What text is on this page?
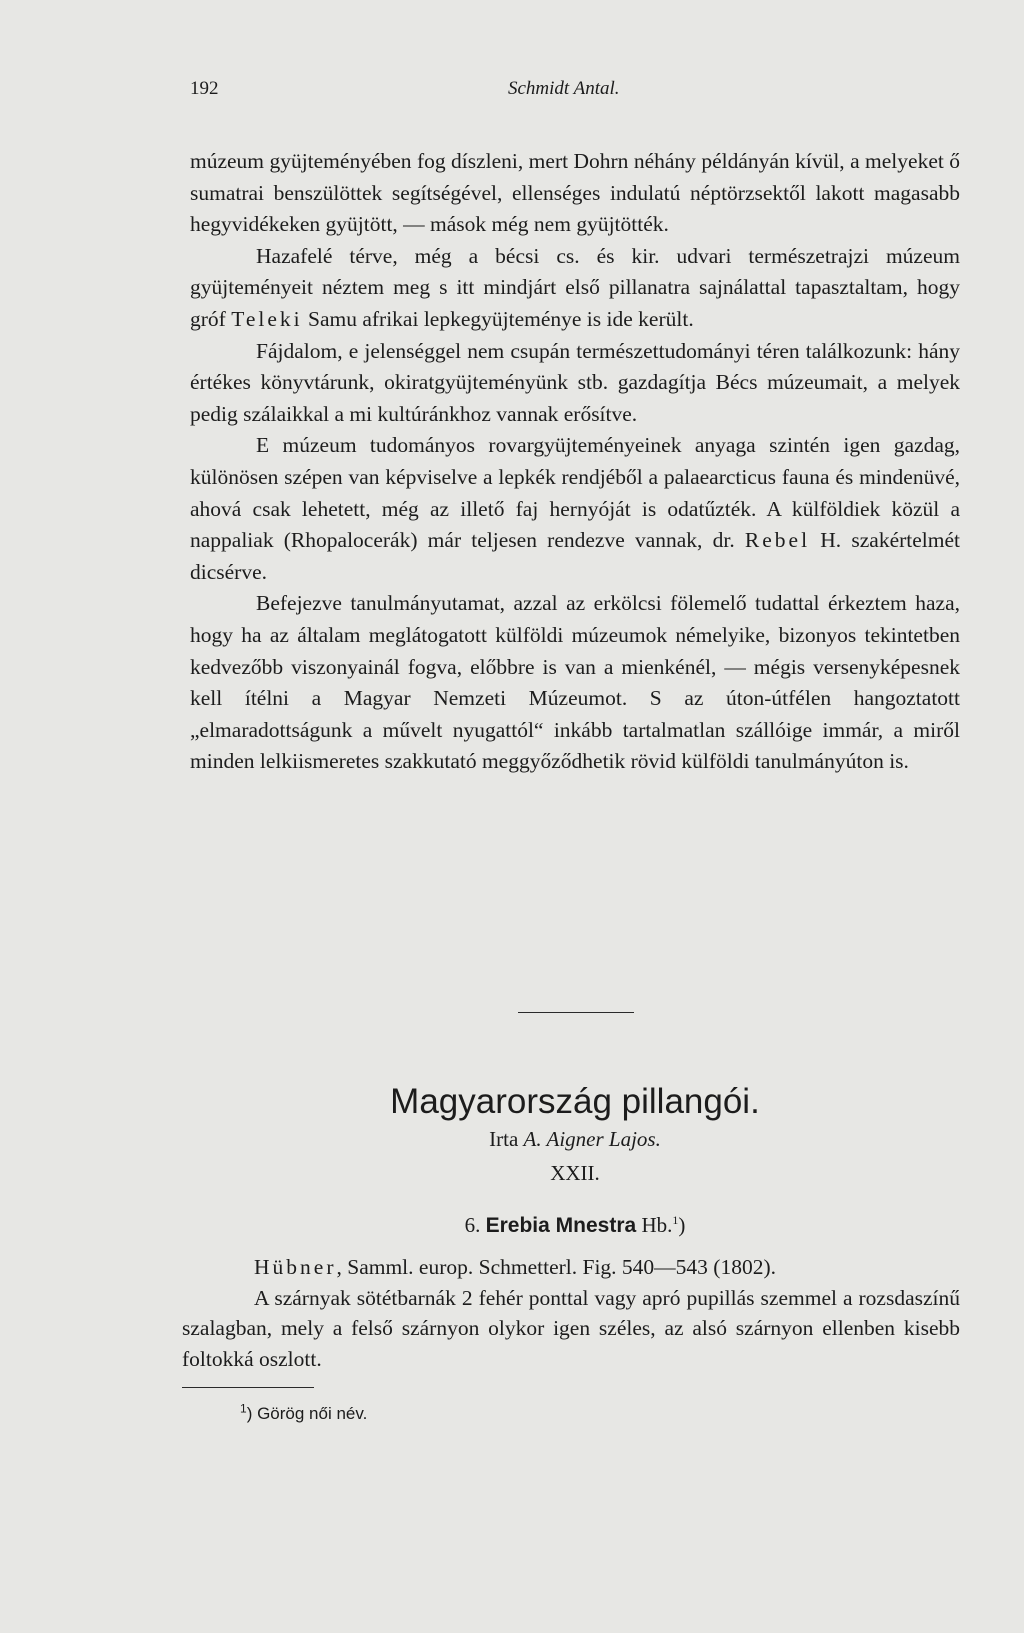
192	Schmidt Antal.

múzeum gyüjteményében fog díszleni, mert Dohrn néhány példányán kívül, a melyeket ő sumatrai benszülöttek segítségével, ellenséges indulatú néptörzsektől lakott magasabb hegyvidékeken gyüjtött, — mások még nem gyüjtötték.

Hazafelé térve, még a bécsi cs. és kir. udvari természetrajzi múzeum gyüjteményeit néztem meg s itt mindjárt első pillanatra sajnálattal tapasztaltam, hogy gróf Teleki Samu afrikai lepkegyüjteménye is ide került.

Fájdalom, e jelenséggel nem csupán természettudományi téren találkozunk: hány értékes könyvtárunk, okiratgyüjteményünk stb. gazdagítja Bécs múzeumait, a melyek pedig szálaikkal a mi kultúránkhoz vannak erősítve.

E múzeum tudományos rovargyüjteményeinek anyaga szintén igen gazdag, különösen szépen van képviselve a lepkék rendjéből a palaearcticus fauna és mindenüvé, ahová csak lehetett, még az illető faj hernyóját is odatűzték. A külföldiek közül a nappaliak (Rhopalocerák) már teljesen rendezve vannak, dr. Rebel H. szakértelmét dicsérve.

Befejezve tanulmányutamat, azzal az erkölcsi fölemelő tudattal érkeztem haza, hogy ha az általam meglátogatott külföldi múzeumok némelyike, bizonyos tekintetben kedvezőbb viszonyainál fogva, előbbre is van a mienkénél, — mégis versenyképesnek kell ítélni a Magyar Nemzeti Múzeumot. S az úton-útfélen hangoztatott „elmaradottságunk a művelt nyugattól“ inkább tartalmatlan szállóige immár, a miről minden lelkiismeretes szakkutató meggyőződhetik rövid külföldi tanulmányúton is.

Magyarország pillangói.

Irta A. Aigner Lajos.

XXII.

6. Erebia Mnestra Hb.$^1$)

Hübner, Samml. europ. Schmetterl. Fig. 540—543 (1802).

A szárnyak sötétbarnák 2 fehér ponttal vagy apró pupillás szemmel a rozsdaszínű szalagban, mely a felső szárnyon olykor igen széles, az alsó szárnyon ellenben kisebb foltokká oszlott.

$^1$) Görög női név.
